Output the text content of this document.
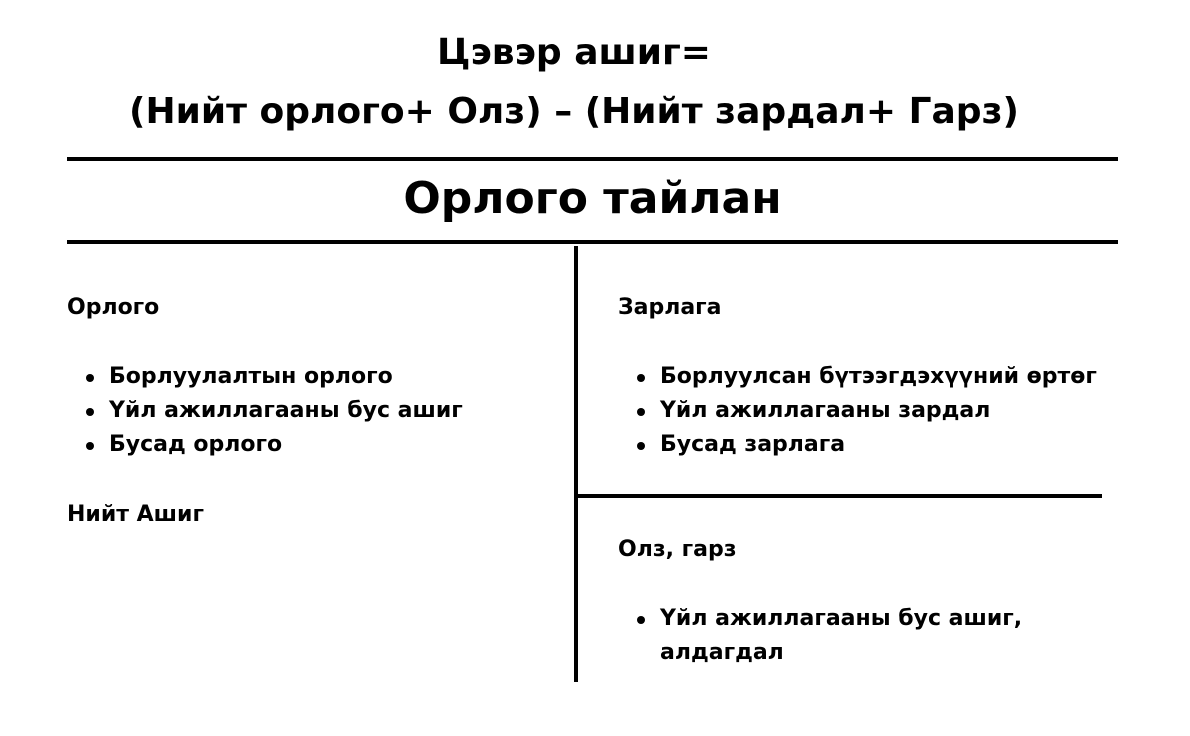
Цэвэр ашиг=
(Нийт орлого+ Олз) – (Нийт зардал+ Гарз)
Орлого тайлан
Орлого
Борлуулалтын орлого
Үйл ажиллагааны бус ашиг
Бусад орлого
Нийт Ашиг
Зарлага
Борлуулсан бүтээгдэхүүний өртөг
Үйл ажиллагааны зардал
Бусад зарлага
Олз, гарз
Үйл ажиллагааны бус ашиг, алдагдал
